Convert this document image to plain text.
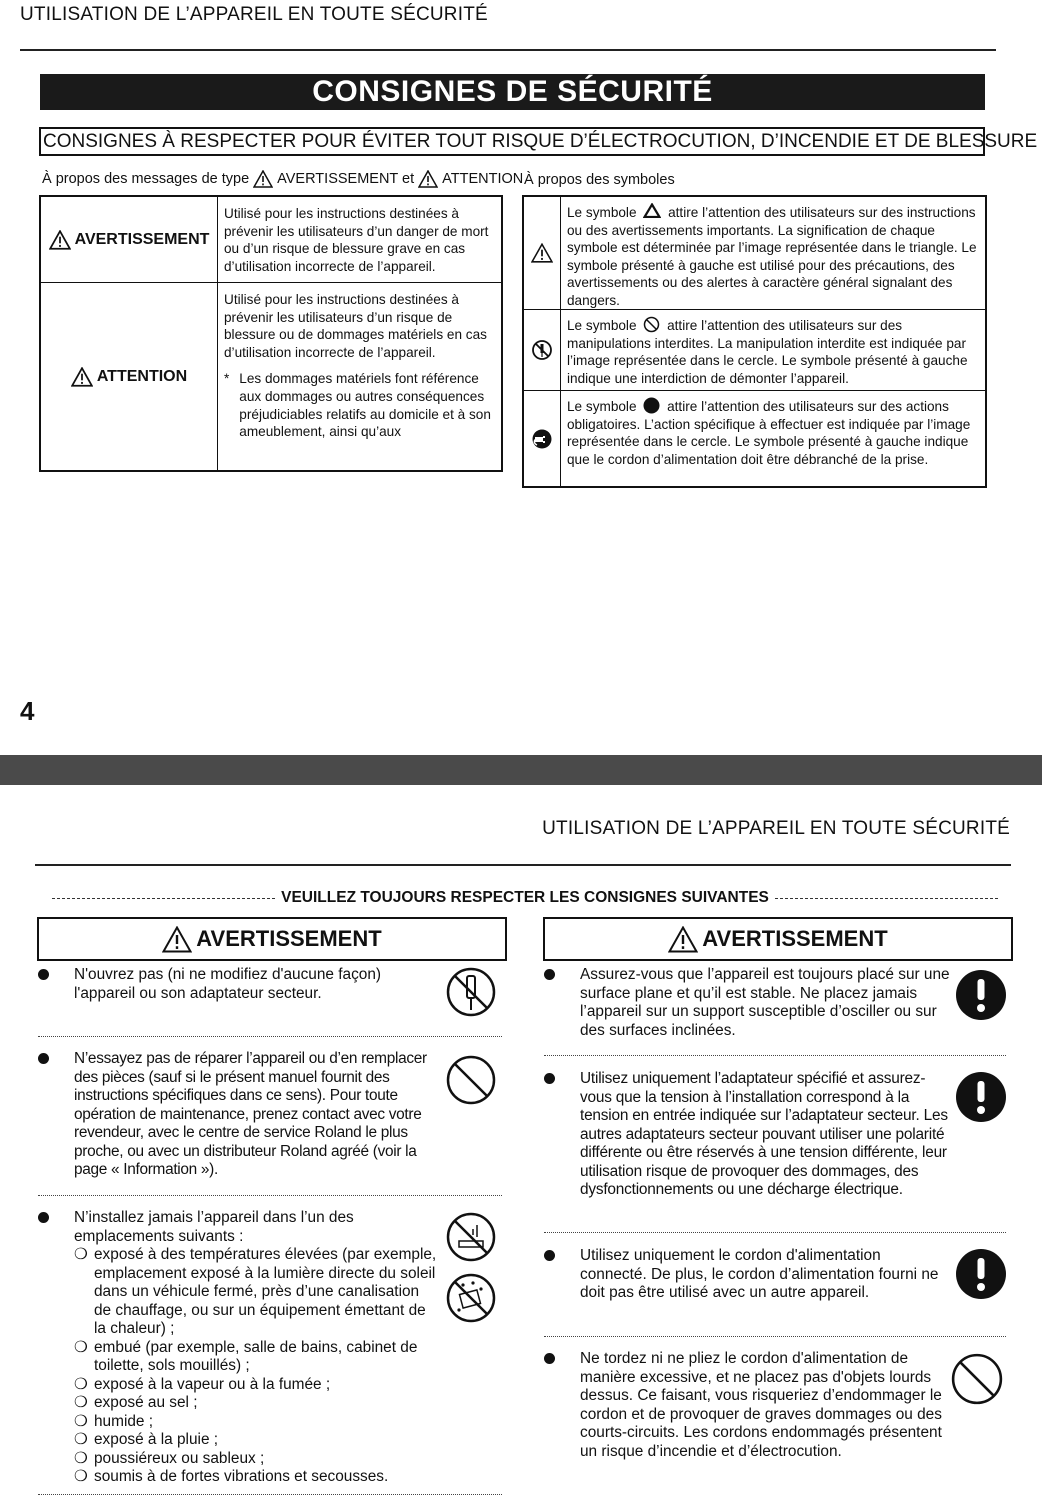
UTILISATION DE L’APPAREIL EN TOUTE SÉCURITÉ
CONSIGNES DE SÉCURITÉ
CONSIGNES À RESPECTER POUR ÉVITER TOUT RISQUE D’ÉLECTROCUTION, D’INCENDIE ET DE BLESSURE
À propos des messages de type AVERTISSEMENT et ATTENTION À propos des symboles
AVERTISSEMENT
Utilisé pour les instructions destinées à prévenir les utilisateurs d’un danger de mort ou d’un risque de blessure grave en cas d’utilisation incorrecte de l’appareil.
ATTENTION
Utilisé pour les instructions destinées à prévenir les utilisateurs d’un risque de blessure ou de dommages matériels en cas d’utilisation incorrecte de l’appareil.
* Les dommages matériels font référence aux dommages ou autres conséquences préjudiciables relatifs au domicile et à son ameublement, ainsi qu’aux
Le symbole attire l’attention des utilisateurs sur des instructions ou des avertissements importants. La signification de chaque symbole est déterminée par l’image représentée dans le triangle. Le symbole présenté à gauche est utilisé pour des précautions, des avertissements ou des alertes à caractère général signalant des dangers.
Le symbole attire l’attention des utilisateurs sur des manipulations interdites. La manipulation interdite est indiquée par l’image représentée dans le cercle. Le symbole présenté à gauche indique une interdiction de démonter l’appareil.
Le symbole attire l’attention des utilisateurs sur des actions obligatoires. L’action spécifique à effectuer est indiquée par l’image représentée dans le cercle. Le symbole présenté à gauche indique que le cordon d’alimentation doit être débranché de la prise.
4
UTILISATION DE L’APPAREIL EN TOUTE SÉCURITÉ
VEUILLEZ TOUJOURS RESPECTER LES CONSIGNES SUIVANTES
AVERTISSEMENT	AVERTISSEMENT
N'ouvrez pas (ni ne modifiez d'aucune façon) l'appareil ou son adaptateur secteur.
N’essayez pas de réparer l’appareil ou d’en remplacer des pièces (sauf si le présent manuel fournit des instructions spécifiques dans ce sens). Pour toute opération de maintenance, prenez contact avec votre revendeur, avec le centre de service Roland le plus proche, ou avec un distributeur Roland agréé (voir la page « Information »).
N’installez jamais l’appareil dans l’un des emplacements suivants :
❍ exposé à des températures élevées (par exemple, emplacement exposé à la lumière directe du soleil dans un véhicule fermé, près d’une canalisation de chauffage, ou sur un équipement émettant de la chaleur) ;
❍ embué (par exemple, salle de bains, cabinet de toilette, sols mouillés) ;
❍ exposé à la vapeur ou à la fumée ;
❍ exposé au sel ;
❍ humide ;
❍ exposé à la pluie ;
❍ poussiéreux ou sableux ;
❍ soumis à de fortes vibrations et secousses.
Assurez-vous que l’appareil est toujours placé sur une surface plane et qu’il est stable. Ne placez jamais l’appareil sur un support susceptible d’osciller ou sur des surfaces inclinées.
Utilisez uniquement l’adaptateur spécifié et assurez-vous que la tension à l’installation correspond à la tension en entrée indiquée sur l’adaptateur secteur. Les autres adaptateurs secteur pouvant utiliser une polarité différente ou être réservés à une tension différente, leur utilisation risque de provoquer des dommages, des dysfonctionnements ou une décharge électrique.
Utilisez uniquement le cordon d'alimentation connecté. De plus, le cordon d’alimentation fourni ne doit pas être utilisé avec un autre appareil.
Ne tordez ni ne pliez le cordon d'alimentation de manière excessive, et ne placez pas d'objets lourds dessus. Ce faisant, vous risqueriez d’endommager le cordon et de provoquer de graves dommages ou des courts-circuits. Les cordons endommagés présentent un risque d’incendie et d’électrocution.
